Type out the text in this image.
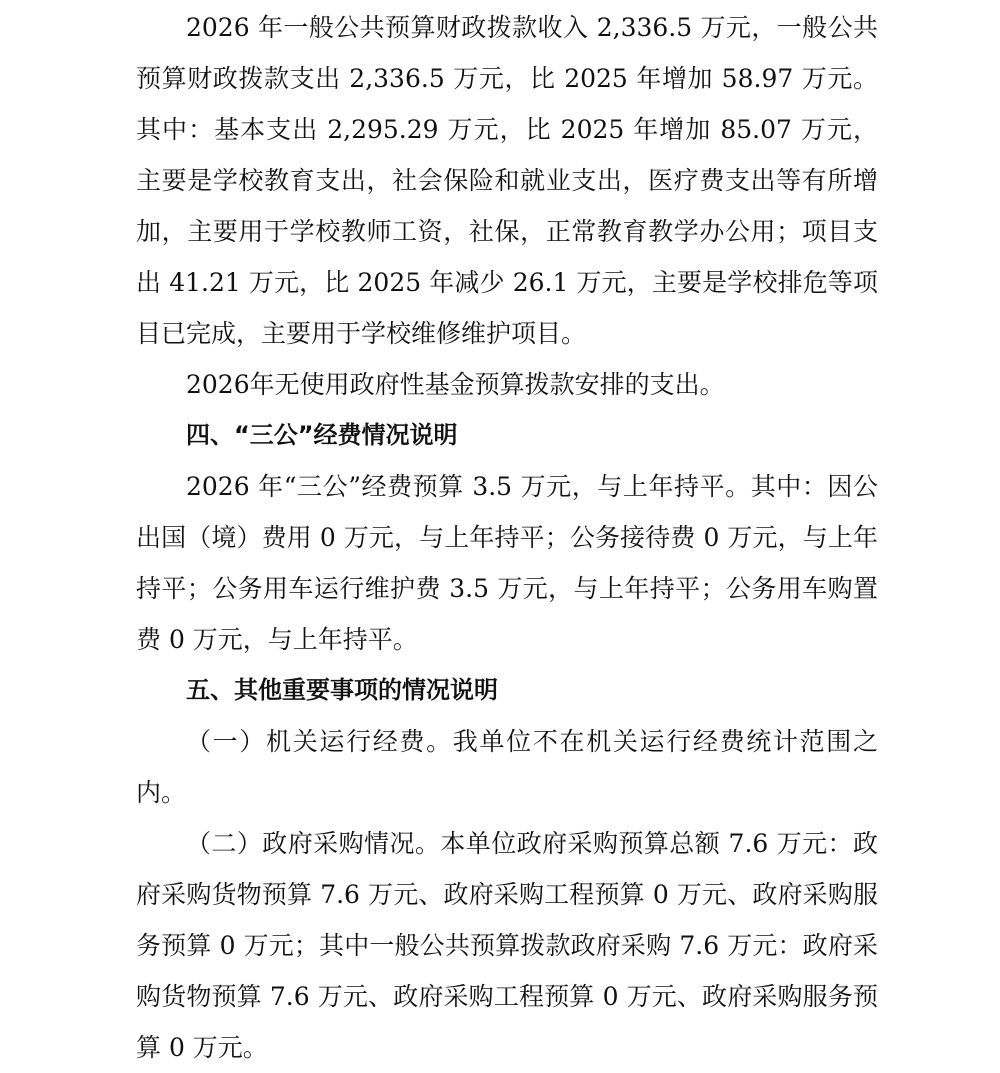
2026 年一般公共预算财政拨款收入 2,336.5 万元，一般公共预算财政拨款支出 2,336.5 万元，比 2025 年增加 58.97 万元。其中：基本支出 2,295.29 万元，比 2025 年增加 85.07 万元，主要是学校教育支出，社会保险和就业支出，医疗费支出等有所增加，主要用于学校教师工资，社保，正常教育教学办公用；项目支出 41.21 万元，比 2025 年减少 26.1 万元，主要是学校排危等项目已完成，主要用于学校维修维护项目。

2026年无使用政府性基金预算拨款安排的支出。

四、“三公”经费情况说明

2026 年“三公”经费预算 3.5 万元，与上年持平。其中：因公出国（境）费用 0 万元，与上年持平；公务接待费 0 万元，与上年持平；公务用车运行维护费 3.5 万元，与上年持平；公务用车购置费 0 万元，与上年持平。

五、其他重要事项的情况说明

（一）机关运行经费。我单位不在机关运行经费统计范围之内。

（二）政府采购情况。本单位政府采购预算总额 7.6 万元：政府采购货物预算 7.6 万元、政府采购工程预算 0 万元、政府采购服务预算 0 万元；其中一般公共预算拨款政府采购 7.6 万元：政府采购货物预算 7.6 万元、政府采购工程预算 0 万元、政府采购服务预算 0 万元。
